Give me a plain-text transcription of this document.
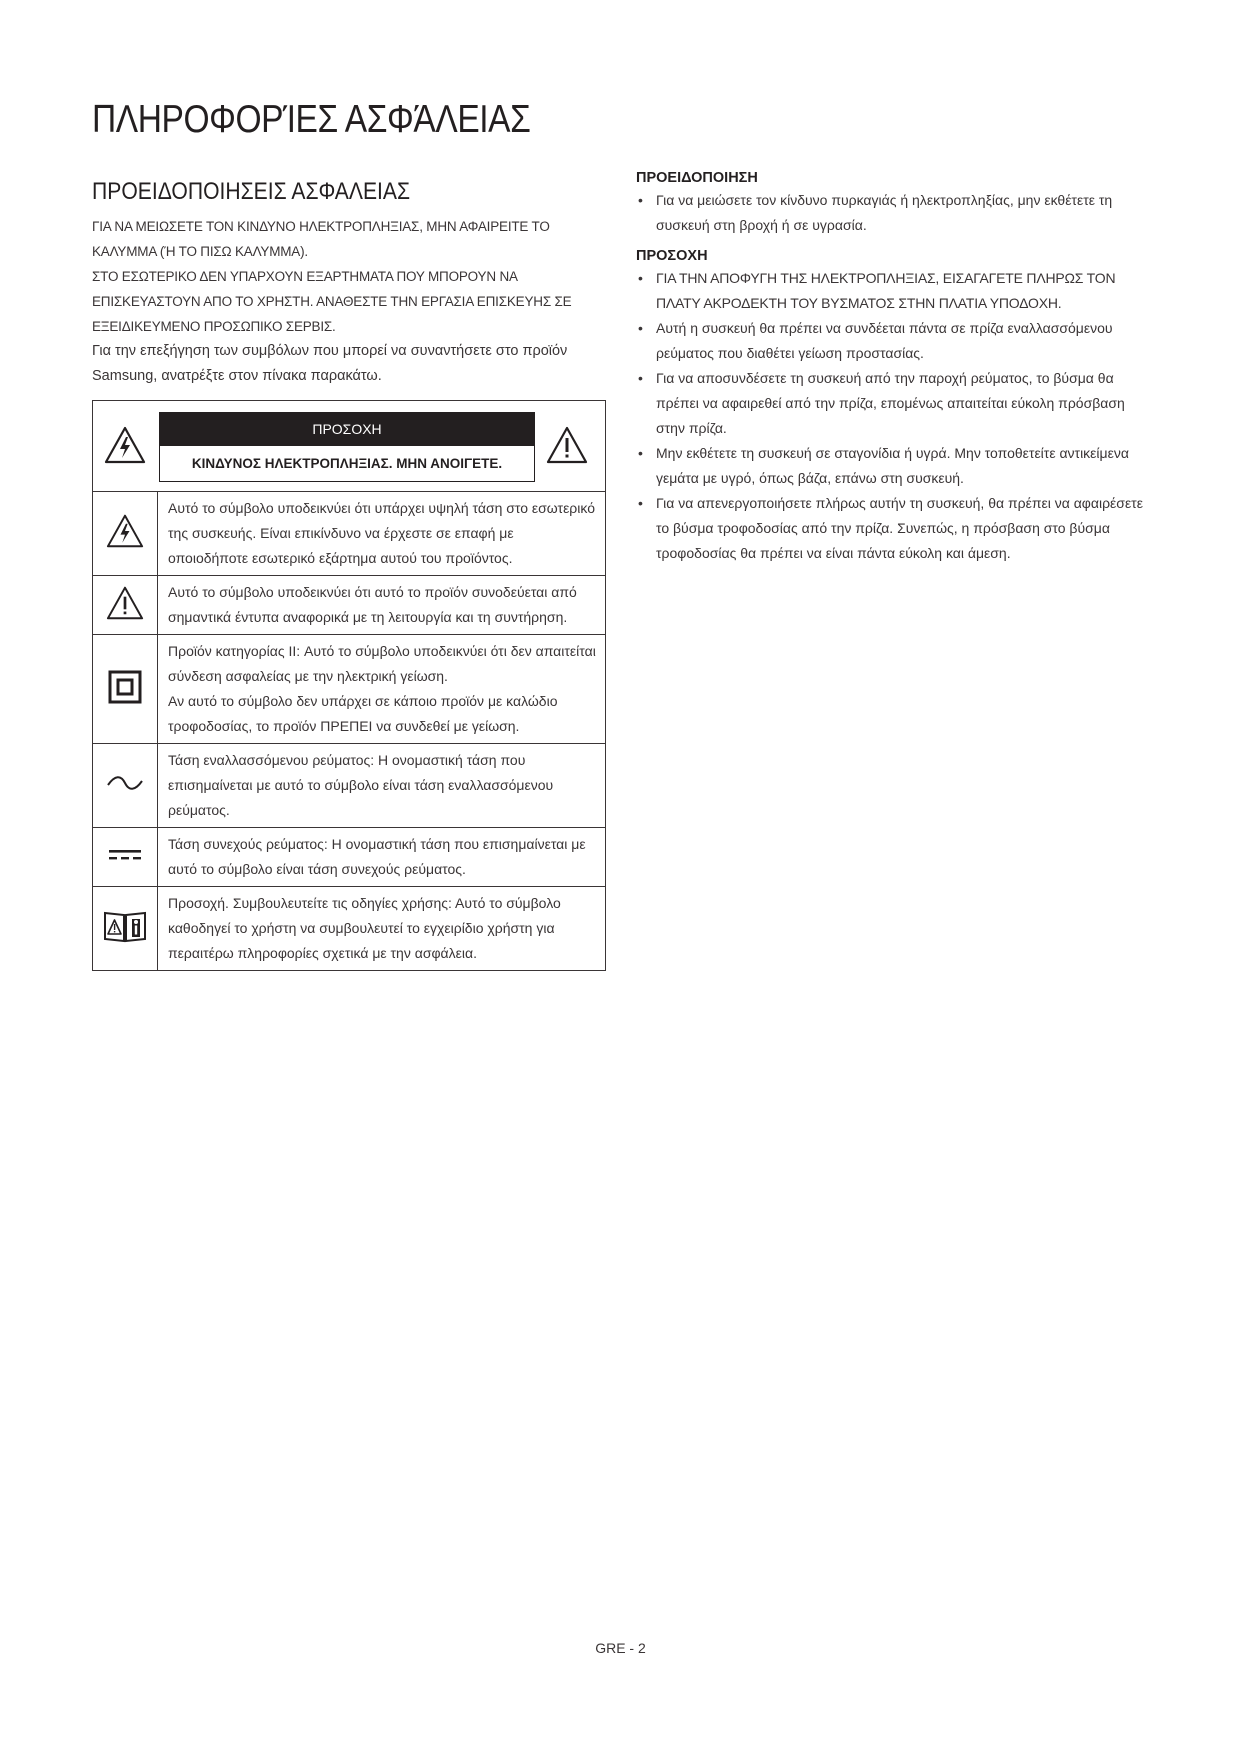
ΠΛΗΡΟΦΟΡΊΕΣ ΑΣΦΆΛΕΙΑΣ
ΠΡΟΕΙΔΟΠΟΙΗΣΕΙΣ ΑΣΦΑΛΕΙΑΣ

ΓΙΑ ΝΑ ΜΕΙΩΣΕΤΕ ΤΟΝ ΚΙΝΔΥΝΟ ΗΛΕΚΤΡΟΠΛΗΞΙΑΣ, ΜΗΝ ΑΦΑΙΡΕΙΤΕ ΤΟ ΚΑΛΥΜΜΑ (Ή ΤΟ ΠΙΣΩ ΚΑΛΥΜΜΑ).

ΣΤΟ ΕΣΩΤΕΡΙΚΟ ΔΕΝ ΥΠΑΡΧΟΥΝ ΕΞΑΡΤΗΜΑΤΑ ΠΟΥ ΜΠΟΡΟΥΝ ΝΑ ΕΠΙΣΚΕΥΑΣΤΟΥΝ ΑΠΟ ΤΟ ΧΡΗΣΤΗ. ΑΝΑΘΕΣΤΕ ΤΗΝ ΕΡΓΑΣΙΑ ΕΠΙΣΚΕΥΗΣ ΣΕ ΕΞΕΙΔΙΚΕΥΜΕΝΟ ΠΡΟΣΩΠΙΚΟ ΣΕΡΒΙΣ.

Για την επεξήγηση των συμβόλων που μπορεί να συναντήσετε στο προϊόν Samsung, ανατρέξτε στον πίνακα παρακάτω.

ΠΡΟΣΟΧΗ
ΚΙΝΔΥΝΟΣ ΗΛΕΚΤΡΟΠΛΗΞΙΑΣ. ΜΗΝ ΑΝΟΙΓΕΤΕ.	

	Αυτό το σύμβολο υποδεικνύει ότι υπάρχει υψηλή τάση στο εσωτερικό της συσκευής. Είναι επικίνδυνο να έρχεστε σε επαφή με οποιοδήποτε εσωτερικό εξάρτημα αυτού του προϊόντος.
	Αυτό το σύμβολο υποδεικνύει ότι αυτό το προϊόν συνοδεύεται από σημαντικά έντυπα αναφορικά με τη λειτουργία και τη συντήρηση.

Προϊόν κατηγορίας II: Αυτό το σύμβολο υποδεικνύει ότι δεν απαιτείται σύνδεση ασφαλείας με την ηλεκτρική γείωση.
Αν αυτό το σύμβολο δεν υπάρχει σε κάποιο προϊόν με καλώδιο τροφοδοσίας, το προϊόν ΠΡΕΠΕΙ να συνδεθεί με γείωση.

	Τάση εναλλασσόμενου ρεύματος: Η ονομαστική τάση που επισημαίνεται με αυτό το σύμβολο είναι τάση εναλλασσόμενου ρεύματος.
	Τάση συνεχούς ρεύματος: Η ονομαστική τάση που επισημαίνεται με αυτό το σύμβολο είναι τάση συνεχούς ρεύματος.
	Προσοχή. Συμβουλευτείτε τις οδηγίες χρήσης: Αυτό το σύμβολο καθοδηγεί το χρήστη να συμβουλευτεί το εγχειρίδιο χρήστη για περαιτέρω πληροφορίες σχετικά με την ασφάλεια.
ΠΡΟΕΙΔΟΠΟΙΗΣΗ
• Για να μειώσετε τον κίνδυνο πυρκαγιάς ή ηλεκτροπληξίας, μην εκθέτετε τη συσκευή στη βροχή ή σε υγρασία.
ΠΡΟΣΟΧΗ
• ΓΙΑ ΤΗΝ ΑΠΟΦΥΓΗ ΤΗΣ ΗΛΕΚΤΡΟΠΛΗΞΙΑΣ, ΕΙΣΑΓΑΓΕΤΕ ΠΛΗΡΩΣ ΤΟΝ ΠΛΑΤΥ ΑΚΡΟΔΕΚΤΗ ΤΟΥ ΒΥΣΜΑΤΟΣ ΣΤΗΝ ΠΛΑΤΙΑ ΥΠΟΔΟΧΗ.
• Αυτή η συσκευή θα πρέπει να συνδέεται πάντα σε πρίζα εναλλασσόμενου ρεύματος που διαθέτει γείωση προστασίας.
• Για να αποσυνδέσετε τη συσκευή από την παροχή ρεύματος, το βύσμα θα πρέπει να αφαιρεθεί από την πρίζα, επομένως απαιτείται εύκολη πρόσβαση στην πρίζα.
• Μην εκθέτετε τη συσκευή σε σταγονίδια ή υγρά. Μην τοποθετείτε αντικείμενα γεμάτα με υγρό, όπως βάζα, επάνω στη συσκευή.
• Για να απενεργοποιήσετε πλήρως αυτήν τη συσκευή, θα πρέπει να αφαιρέσετε το βύσμα τροφοδοσίας από την πρίζα. Συνεπώς, η πρόσβαση στο βύσμα τροφοδοσίας θα πρέπει να είναι πάντα εύκολη και άμεση.
GRE - 2
